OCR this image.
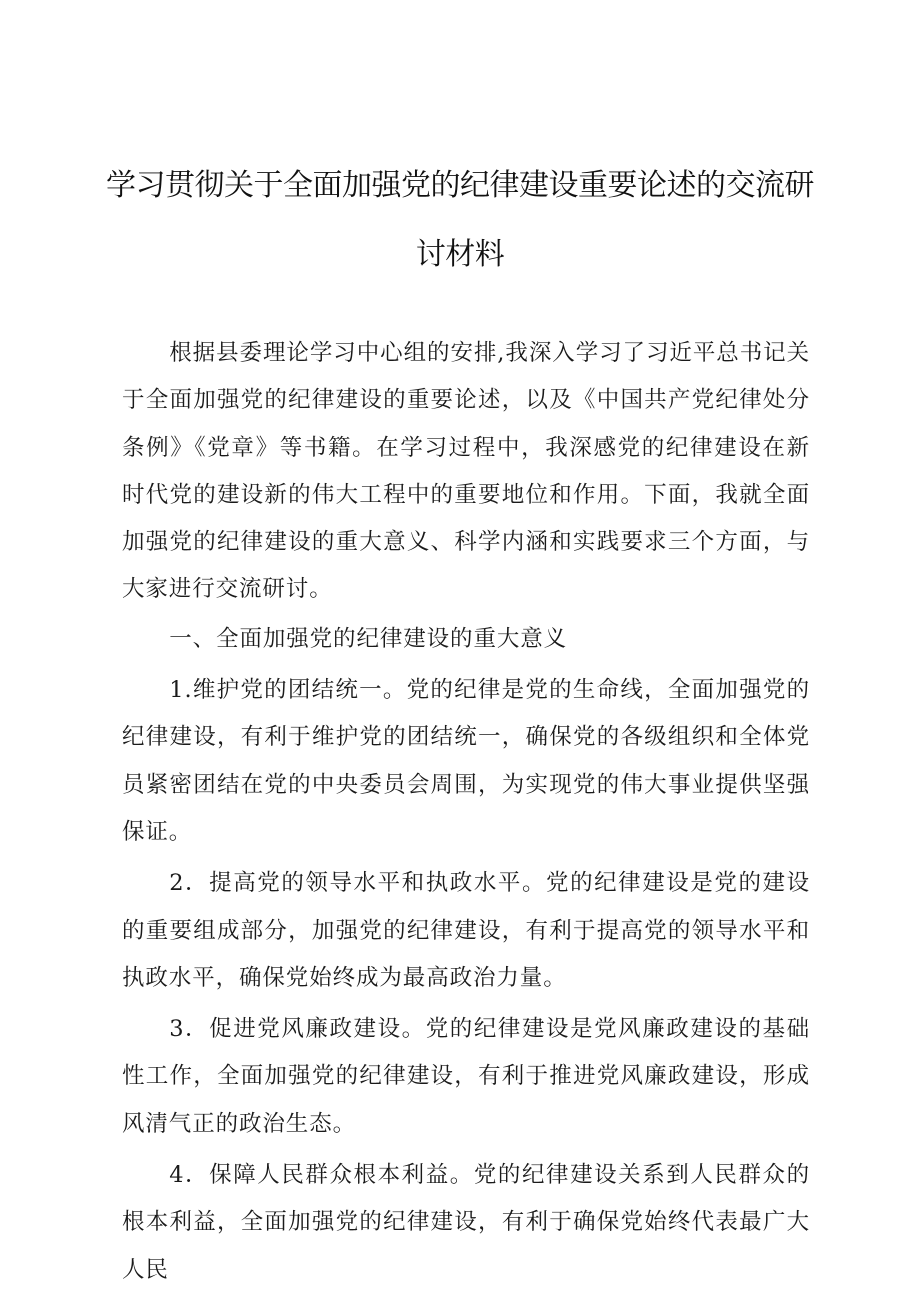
学习贯彻关于全面加强党的纪律建设重要论述的交流研
讨材料

根据县委理论学习中心组的安排,我深入学习了习近平总书记关于全面加强党的纪律建设的重要论述，以及《中国共产党纪律处分条例》《党章》等书籍。在学习过程中，我深感党的纪律建设在新时代党的建设新的伟大工程中的重要地位和作用。下面，我就全面加强党的纪律建设的重大意义、科学内涵和实践要求三个方面，与大家进行交流研讨。

一、全面加强党的纪律建设的重大意义

1.维护党的团结统一。党的纪律是党的生命线，全面加强党的纪律建设，有利于维护党的团结统一，确保党的各级组织和全体党员紧密团结在党的中央委员会周围，为实现党的伟大事业提供坚强保证。

2．提高党的领导水平和执政水平。党的纪律建设是党的建设的重要组成部分，加强党的纪律建设，有利于提高党的领导水平和执政水平，确保党始终成为最高政治力量。

3．促进党风廉政建设。党的纪律建设是党风廉政建设的基础性工作，全面加强党的纪律建设，有利于推进党风廉政建设，形成风清气正的政治生态。

4．保障人民群众根本利益。党的纪律建设关系到人民群众的根本利益，全面加强党的纪律建设，有利于确保党始终代表最广大人民
